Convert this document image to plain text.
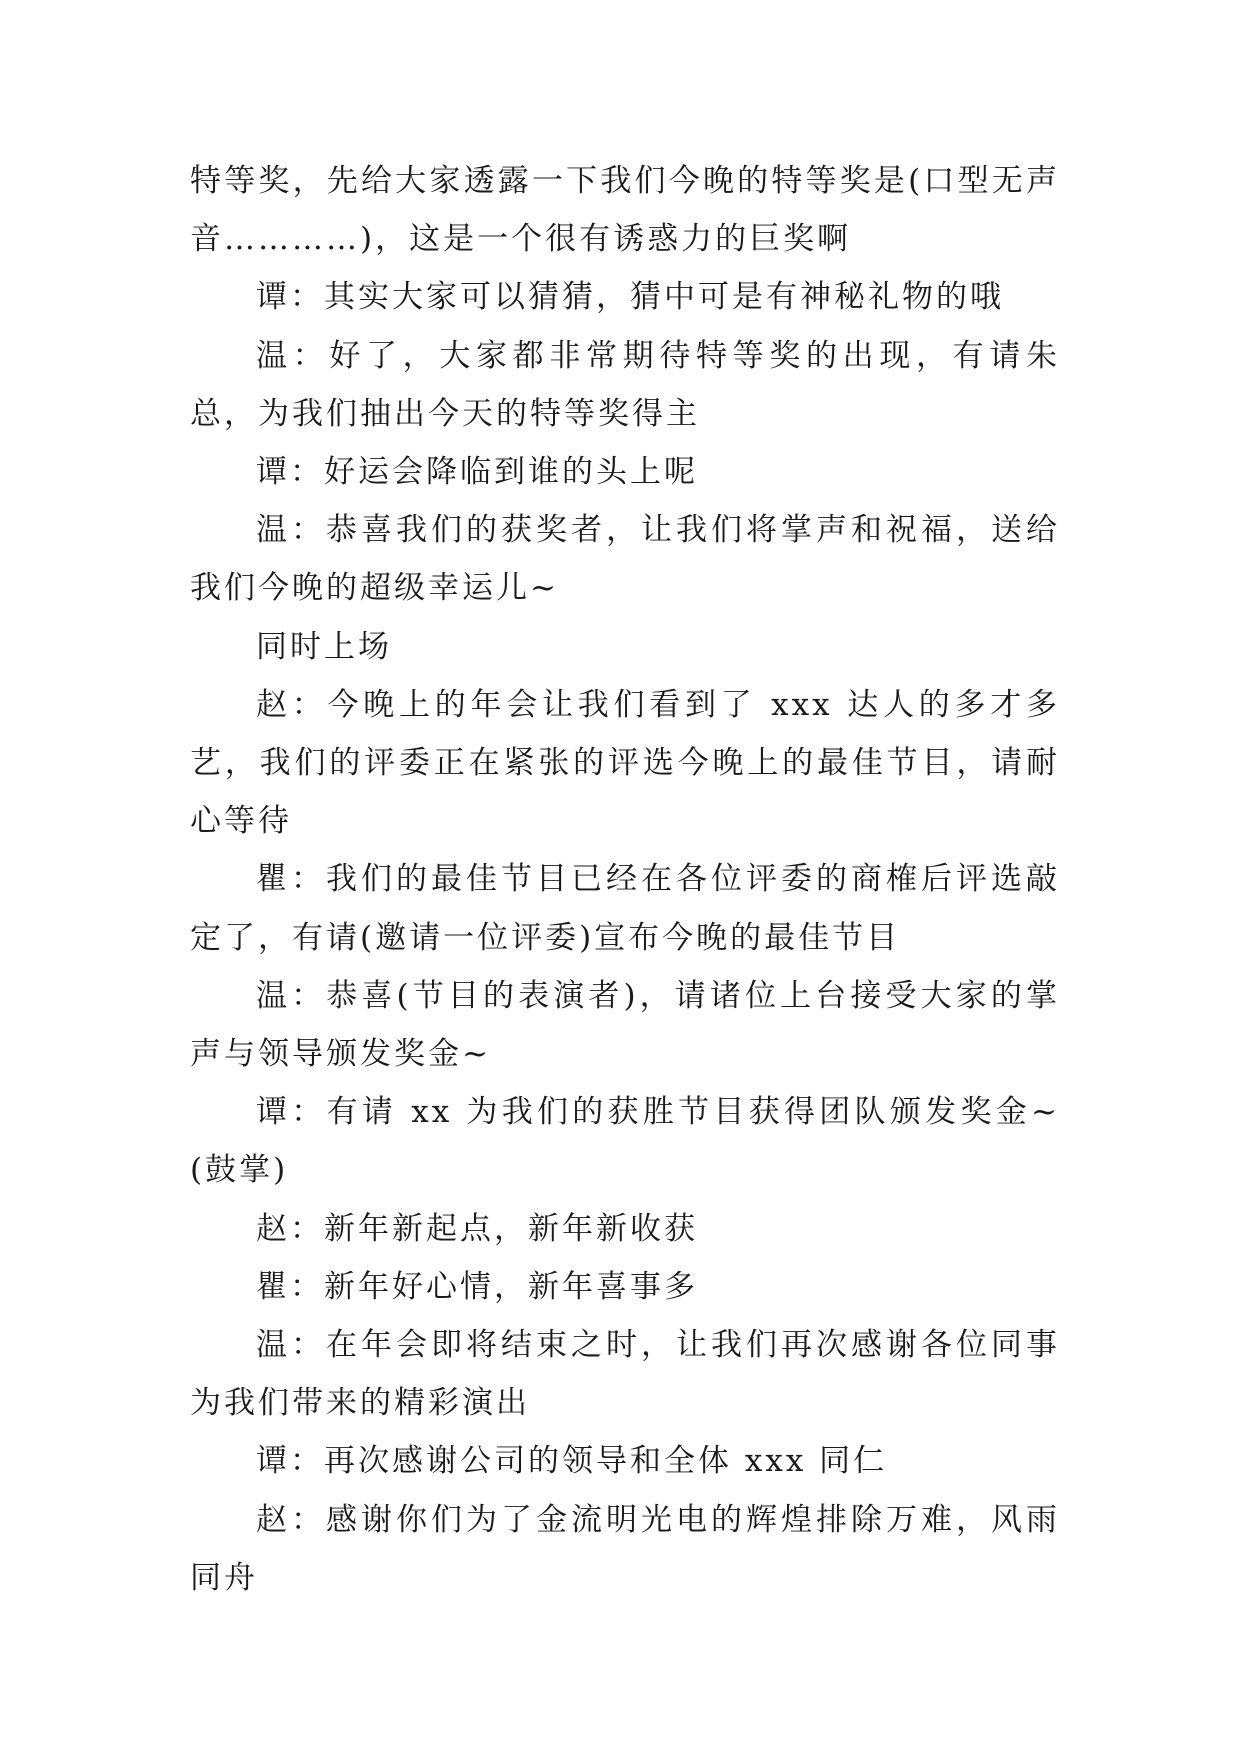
特等奖，先给大家透露一下我们今晚的特等奖是(口型无声音…………)，这是一个很有诱惑力的巨奖啊

谭：其实大家可以猜猜，猜中可是有神秘礼物的哦

温：好了，大家都非常期待特等奖的出现，有请朱总，为我们抽出今天的特等奖得主

谭：好运会降临到谁的头上呢

温：恭喜我们的获奖者，让我们将掌声和祝福，送给我们今晚的超级幸运儿~

同时上场

赵：今晚上的年会让我们看到了 xxx 达人的多才多艺，我们的评委正在紧张的评选今晚上的最佳节目，请耐心等待

瞿：我们的最佳节目已经在各位评委的商榷后评选敲定了，有请(邀请一位评委)宣布今晚的最佳节目

温：恭喜(节目的表演者)，请诸位上台接受大家的掌声与领导颁发奖金~

谭：有请 xx 为我们的获胜节目获得团队颁发奖金~(鼓掌)

赵：新年新起点，新年新收获

瞿：新年好心情，新年喜事多

温：在年会即将结束之时，让我们再次感谢各位同事为我们带来的精彩演出

谭：再次感谢公司的领导和全体 xxx 同仁

赵：感谢你们为了金流明光电的辉煌排除万难，风雨同舟
